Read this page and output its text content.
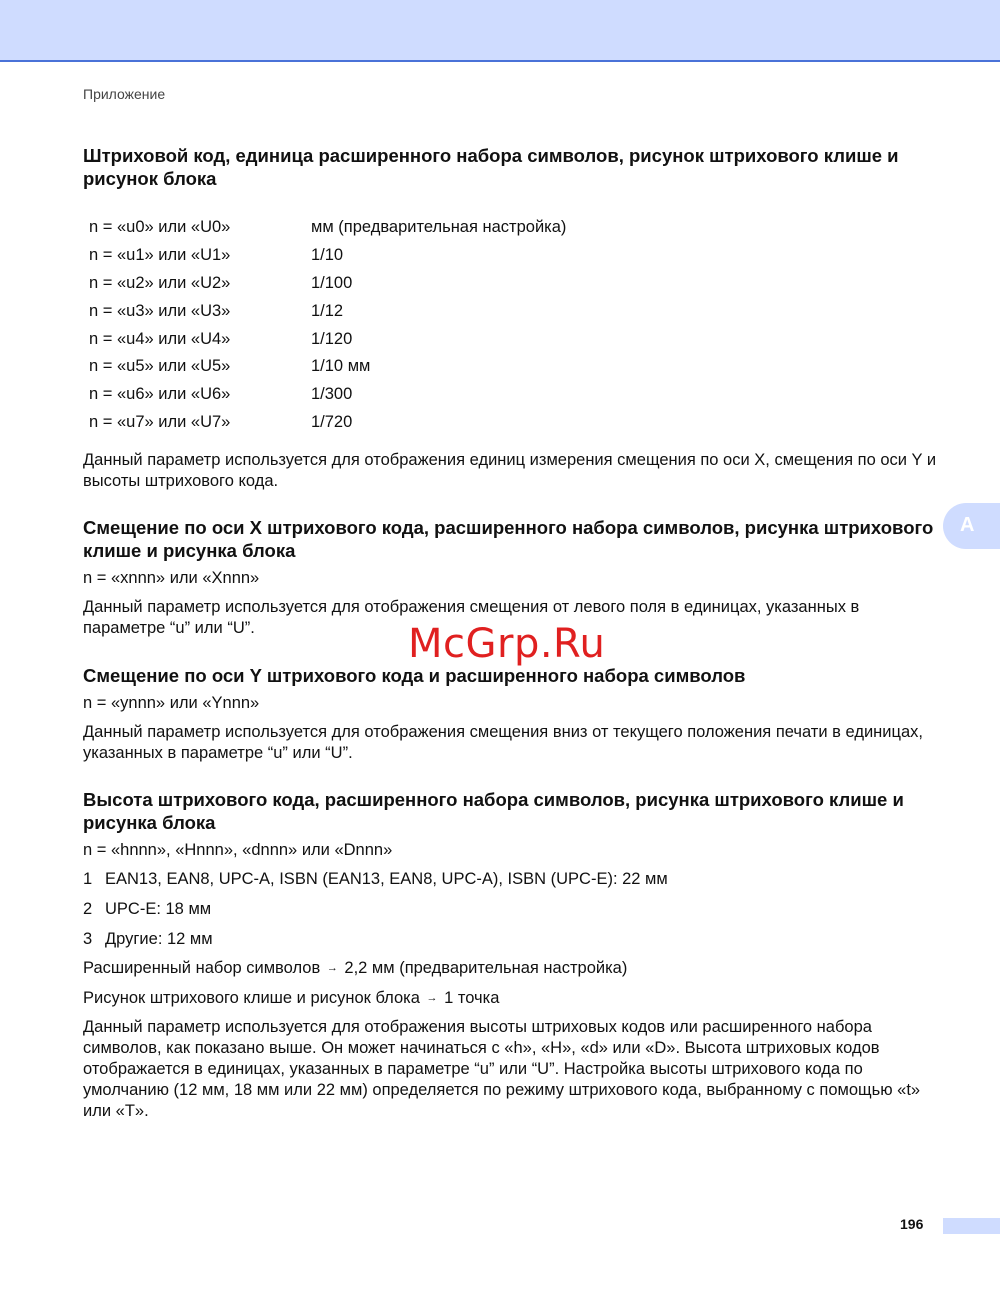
Приложение
A
McGrp.Ru
Штриховой код, единица расширенного набора символов, рисунок штрихового клише и рисунок блока
n = «u0» или «U0»	мм (предварительная настройка)
n = «u1» или «U1»	1/10
n = «u2» или «U2»	1/100
n = «u3» или «U3»	1/12
n = «u4» или «U4»	1/120
n = «u5» или «U5»	1/10 мм
n = «u6» или «U6»	1/300
n = «u7» или «U7»	1/720

Данный параметр используется для отображения единиц измерения смещения по оси X, смещения по оси Y и высоты штрихового кода.

Смещение по оси X штрихового кода, расширенного набора символов, рисунка штрихового клише и рисунка блока

n = «xnnn» или «Xnnn»

Данный параметр используется для отображения смещения от левого поля в единицах, указанных в параметре “u” или “U”.

Смещение по оси Y штрихового кода и расширенного набора символов

n = «ynnn» или «Ynnn»

Данный параметр используется для отображения смещения вниз от текущего положения печати в единицах, указанных в параметре “u” или “U”.

Высота штрихового кода, расширенного набора символов, рисунка штрихового клише и рисунка блока

n = «hnnn», «Hnnn», «dnnn» или «Dnnn»

1 EAN13, EAN8, UPC-A, ISBN (EAN13, EAN8, UPC-A), ISBN (UPC-E): 22 мм
2 UPC-E: 18 мм
3 Другие: 12 мм

Расширенный набор символов → 2,2 мм (предварительная настройка)

Рисунок штрихового клише и рисунок блока → 1 точка

Данный параметр используется для отображения высоты штриховых кодов или расширенного набора символов, как показано выше. Он может начинаться с «h», «H», «d» или «D». Высота штриховых кодов отображается в единицах, указанных в параметре “u” или “U”. Настройка высоты штрихового кода по умолчанию (12 мм, 18 мм или 22 мм) определяется по режиму штрихового кода, выбранному с помощью «t» или «T».

196
